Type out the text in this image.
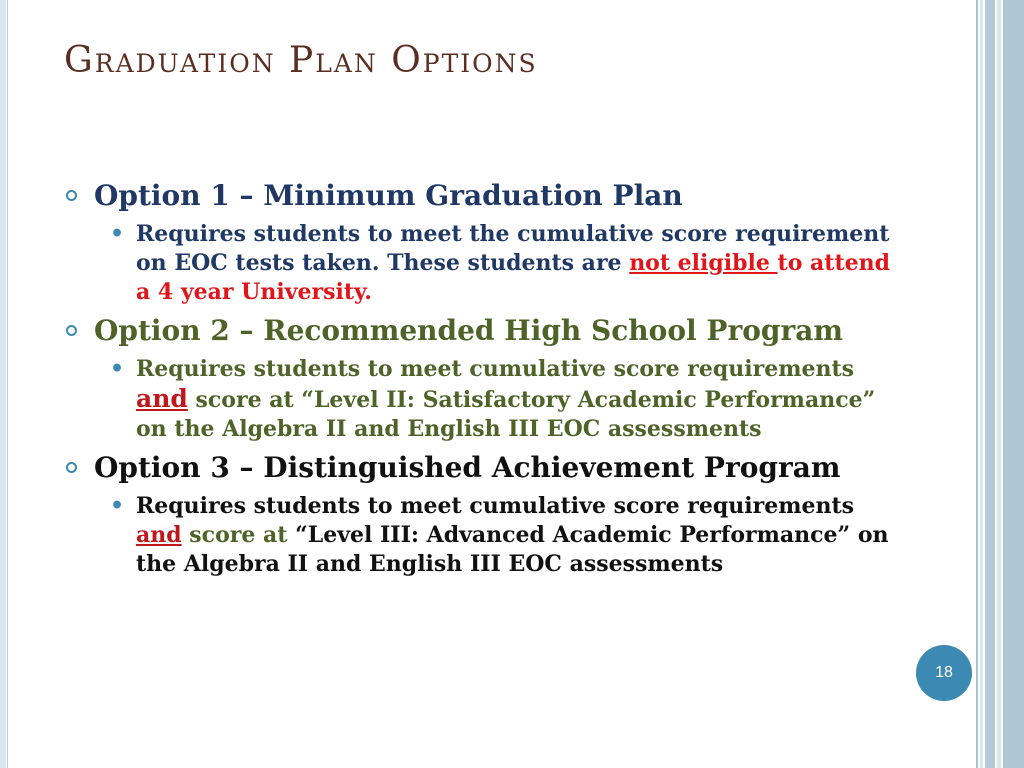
Graduation Plan Options
Option 1 – Minimum Graduation Plan
• Requires students to meet the cumulative score requirement on EOC tests taken. These students are not eligible to attend a 4 year University.
Option 2 – Recommended High School Program
• Requires students to meet cumulative score requirements and score at “Level II: Satisfactory Academic Performance” on the Algebra II and English III EOC assessments
Option 3 – Distinguished Achievement Program
• Requires students to meet cumulative score requirements and score at “Level III: Advanced Academic Performance” on the Algebra II and English III EOC assessments
18
